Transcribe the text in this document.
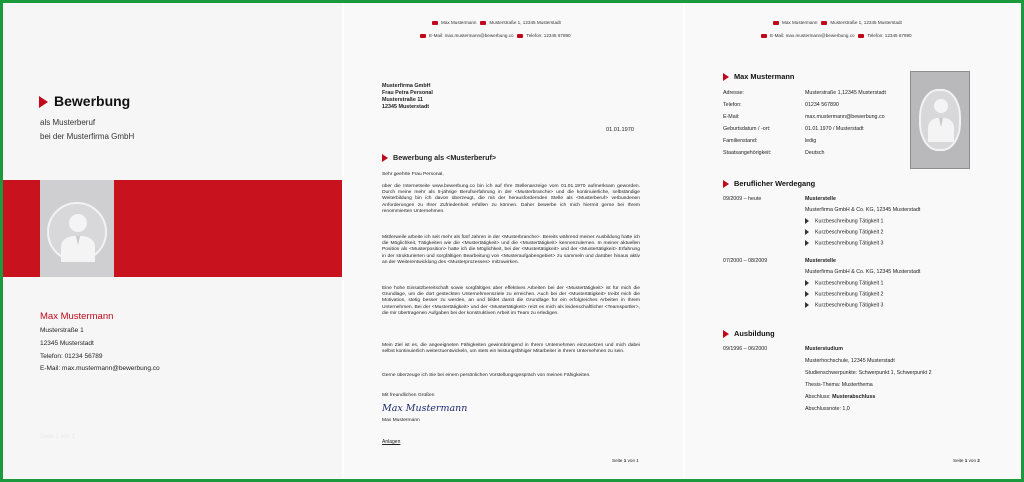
Bewerbung
als Musterberuf
bei der Musterfirma GmbH
Max Mustermann
Musterstraße 1
12345 Musterstadt
Telefon: 01234 56789
E-Mail: max.mustermann@bewerbung.co
Seite 1 von 1
Max Mustermann	Musterstraße 1, 12345 Musterstadt
E-Mail: max.mustermann@bewerbung.co	Telefon: 12345 67890
Musterfirma GmbH
Frau Petra Personal
Musterstraße 11
12345 Musterstadt
01.01.1970
Bewerbung als <Musterberuf>
Sehr geehrte Frau Personal,
über die Internetseite www.bewerbung.co bin ich auf Ihre Stellenanzeige vom 01.01.1970 aufmerksam geworden. Durch meine mehr als 5-jährige Berufserfahrung in der <Musterbranche> und die kontinuierliche, selbständige Weiterbildung bin ich davon überzeugt, die mit der herausfordernden Stelle als <Musterberuf> verbundenen Anforderungen zu Ihrer Zufriedenheit erfüllen zu können. Daher bewerbe ich mich hiermit gerne bei Ihrem renommierten Unternehmen.
Mittlerweile arbeite ich seit mehr als fünf Jahren in der <Musterbranche>. Bereits während meiner Ausbildung hatte ich die Möglichkeit, Tätigkeiten wie die <Mustertätigkeit> und die <Mustertätigkeit> kennenzulernen. In meiner aktuellen Position als <Musterposition> hatte ich die Möglichkeit, bei der <Mustertätigkeit> und der <Mustertätigkeit> Erfahrung in der strukturierten und sorgfältigen Bearbeitung von <Musteraufgabengebiet> zu sammeln und darüber hinaus aktiv an der Weiterentwicklung des <Musterprozesses> mitzuwirken.
Eine hohe Einsatzbereitschaft sowie sorgfältiges aber effektives Arbeiten bei der <Mustertätigkeit> ist für mich die Grundlage, um die dort gesteckten Unternehmensziele zu erreichen. Auch bei der <Mustertätigkeit> treibt mich die Motivation, stetig besser zu werden, an und bildet damit die Grundlage für ein erfolgreiches Arbeiten in Ihrem Unternehmen. Bei der <Mustertätigkeit> und der <Mustertätigkeit> reizt es mich als leidenschaftlicher <Teamsportler>, die mir übertragenen Aufgaben bei der konstruktiven Arbeit im Team zu erledigen.
Mein Ziel ist es, die angeeigneten Fähigkeiten gewinnbringend in Ihrem Unternehmen einzusetzen und mich dabei selbst kontinuierlich weiterzuentwickeln, um stets ein leistungsfähiger Mitarbeiter in Ihrem Unternehmen zu sein.
Gerne überzeuge ich Sie bei einem persönlichen Vorstellungsgespräch von meinen Fähigkeiten.
Mit freundlichen Grüßen
Max Mustermann
Max Mustermann
Anlagen
Seite 1 von 1
Max Mustermann	Musterstraße 1, 12345 Musterstadt
E-Mail: max.mustermann@bewerbung.co	Telefon: 12345 67890
Max Mustermann
Adresse:	Musterstraße 1,12345 Musterstadt
Telefon:	01234 567890
E-Mail:	max.mustermann@bewerbung.co
Geburtsdatum / -ort:	01.01.1970 / Musterstadt
Familienstand:	ledig
Staatsangehörigkeit:	Deutsch
Beruflicher Werdegang
09/2009 – heute	Musterstelle
Musterfirma GmbH & Co. KG, 12345 Musterstadt
Kurzbeschreibung Tätigkeit 1
Kurzbeschreibung Tätigkeit 2
Kurzbeschreibung Tätigkeit 3
07/2000 – 08/2009	Musterstelle
Musterfirma GmbH & Co. KG, 12345 Musterstadt
Kurzbeschreibung Tätigkeit 1
Kurzbeschreibung Tätigkeit 2
Kurzbeschreibung Tätigkeit 3
Ausbildung
09/1996 – 06/2000	Musterstudium
Musterhochschule, 12345 Musterstadt
Studienschwerpunkte: Schwerpunkt 1, Schwerpunkt 2
Thesis-Thema: Musterthema
Abschluss: Musterabschluss
Abschlussnote: 1,0
Seite 1 von 2
